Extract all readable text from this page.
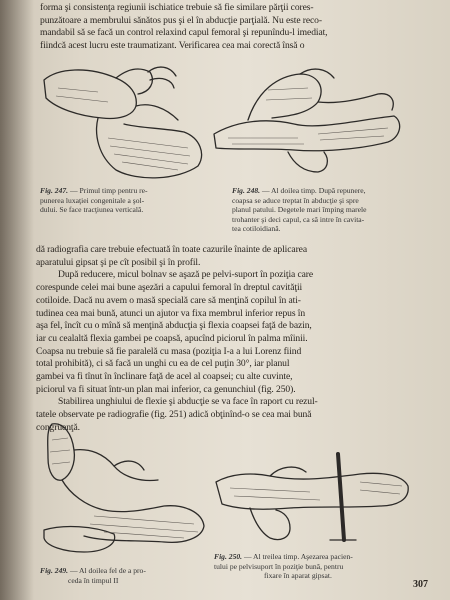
forma şi consistenţa regiunii ischiatice trebuie să fie similare părţii cores-
punzătoare a membrului sănătos pus şi el în abducţie parţială. Nu este reco-
mandabil să se facă un control relaxind capul femoral şi repunîndu-l imediat,
fiindcă acest lucru este traumatizant. Verificarea cea mai corectă însă o
Fig. 247. — Primul timp pentru re-
punerea luxaţiei congenitale a şol-
dului. Se face tracţiunea verticală.
Fig. 248. — Al doilea timp. După repunere,
coapsa se aduce treptat în abducţie şi spre
planul patului. Degetele mari împing marele
trohanter şi deci capul, ca să intre în cavita-
tea cotiloidiană.
dă radiografia care trebuie efectuată în toate cazurile înainte de aplicarea
aparatului gipsat şi pe cît posibil şi în profil.
După reducere, micul bolnav se aşază pe pelvi-suport în poziţia care
corespunde celei mai bune aşezări a capului femoral în dreptul cavităţii
cotiloide. Dacă nu avem o masă specială care să menţină copilul în ati-
tudinea cea mai bună, atunci un ajutor va fixa membrul inferior repus în
aşa fel, încît cu o mînă să menţină abducţia şi flexia coapsei faţă de bazin,
iar cu cealaltă flexia gambei pe coapsă, apucînd piciorul în palma mîinii.
Coapsa nu trebuie să fie paralelă cu masa (poziţia I-a a lui Lorenz fiind
total prohibită), ci să facă un unghi cu ea de cel puţin 30°, iar planul
gambei va fi tînut în înclinare faţă de acel al coapsei; cu alte cuvinte,
piciorul va fi situat într-un plan mai inferior, ca genunchiul (fig. 250).
Stabilirea unghiului de flexie şi abducţie se va face în raport cu rezul-
tatele observate pe radiografie (fig. 251) adică obţinînd-o se cea mai bună
congruenţă.
Fig. 249. — Al doilea fel de a pro-
ceda în timpul II
Fig. 250. — Al treilea timp. Aşezarea pacien-
tului pe pelvisuport în poziţie bună, pentru
fixare în aparat gipsat.
307
